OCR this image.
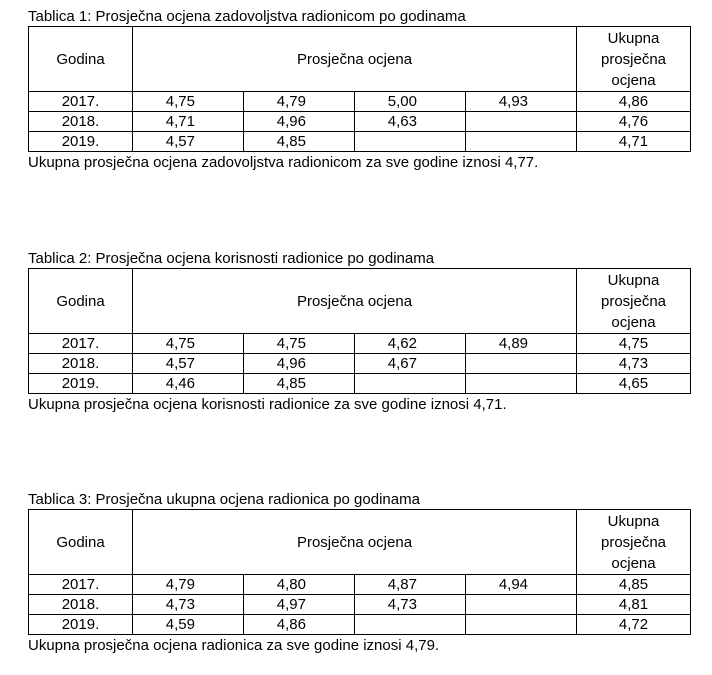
Tablica 1: Prosječna ocjena zadovoljstva radionicom po godinama
Godina	Prosječna ocjena				Ukupna
prosječna
ocjena
2017.	4,75	4,79	5,00	4,93	4,86
2018.	4,71	4,96	4,63		4,76
2019.	4,57	4,85			4,71
Ukupna prosječna ocjena zadovoljstva radionicom za sve godine iznosi 4,77.
Tablica 2: Prosječna ocjena korisnosti radionice po godinama
Godina	Prosječna ocjena				Ukupna
prosječna
ocjena
2017.	4,75	4,75	4,62	4,89	4,75
2018.	4,57	4,96	4,67		4,73
2019.	4,46	4,85			4,65
Ukupna prosječna ocjena korisnosti radionice za sve godine iznosi 4,71.
Tablica 3: Prosječna ukupna ocjena radionica po godinama
Godina	Prosječna ocjena				Ukupna
prosječna
ocjena
2017.	4,79	4,80	4,87	4,94	4,85
2018.	4,73	4,97	4,73		4,81
2019.	4,59	4,86			4,72
Ukupna prosječna ocjena radionica za sve godine iznosi 4,79.
